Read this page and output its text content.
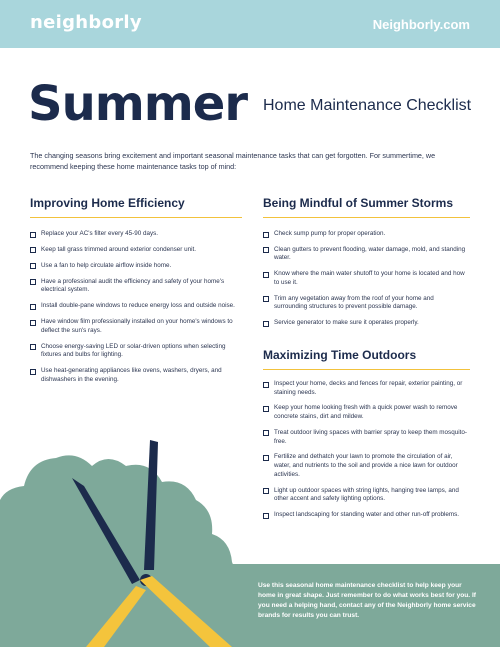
neighborly	Neighborly.com
Summer Home Maintenance Checklist

The changing seasons bring excitement and important seasonal maintenance tasks that can get forgotten. For summertime, we recommend keeping these home maintenance tasks top of mind:

Improving Home Efficiency
Replace your AC's filter every 45-90 days.
Keep tall grass trimmed around exterior condenser unit.
Use a fan to help circulate airflow inside home.
Have a professional audit the efficiency and safety of your home's electrical system.
Install double-pane windows to reduce energy loss and outside noise.
Have window film professionally installed on your home's windows to deflect the sun's rays.
Choose energy-saving LED or solar-driven options when selecting fixtures and bulbs for lighting.
Use heat-generating appliances like ovens, washers, dryers, and dishwashers in the evening.
Being Mindful of Summer Storms
Check sump pump for proper operation.
Clean gutters to prevent flooding, water damage, mold, and standing water.
Know where the main water shutoff to your home is located and how to use it.
Trim any vegetation away from the roof of your home and surrounding structures to prevent possible damage.
Service generator to make sure it operates properly.
Maximizing Time Outdoors
Inspect your home, decks and fences for repair, exterior painting, or staining needs.
Keep your home looking fresh with a quick power wash to remove concrete stains, dirt and mildew.
Treat outdoor living spaces with barrier spray to keep them mosquito-free.
Fertilize and dethatch your lawn to promote the circulation of air, water, and nutrients to the soil and provide a nice lawn for outdoor activities.
Light up outdoor spaces with string lights, hanging tree lamps, and other accent and safety lighting options.
Inspect landscaping for standing water and other run-off problems.

Use this seasonal home maintenance checklist to help keep your home in great shape. Just remember to do what works best for you. If you need a helping hand, contact any of the Neighborly home service brands for results you can trust.
